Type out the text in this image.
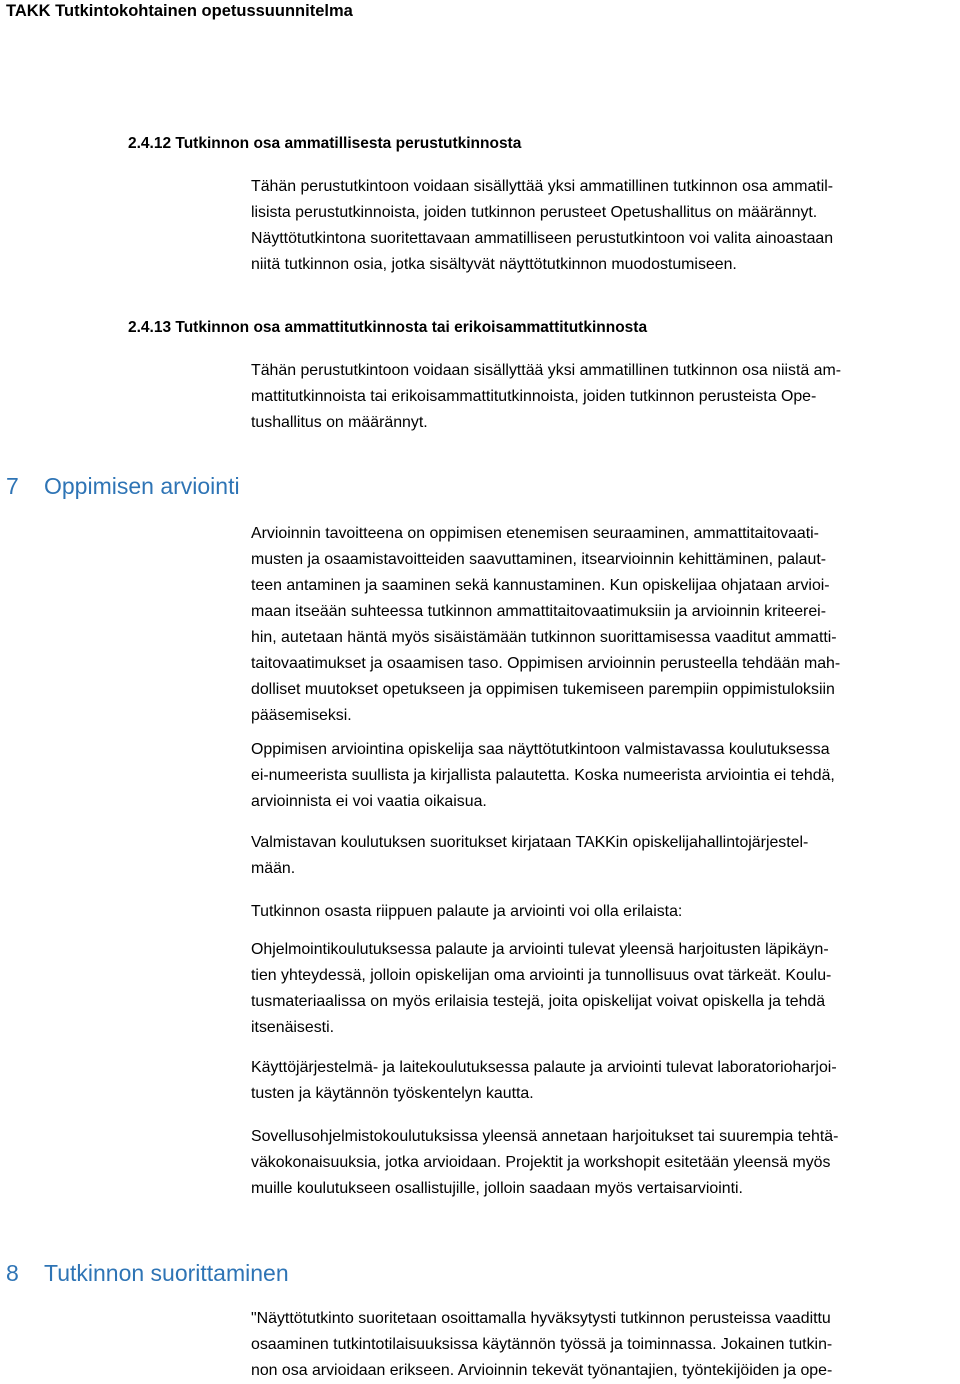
TAKK Tutkintokohtainen opetussuunnitelma
2.4.12 Tutkinnon osa ammatillisesta perustutkinnosta
Tähän perustutkintoon voidaan sisällyttää yksi ammatillinen tutkinnon osa ammatil-
lisista perustutkinnoista, joiden tutkinnon perusteet Opetushallitus on määrännyt.
Näyttötutkintona suoritettavaan ammatilliseen perustutkintoon voi valita ainoastaan
niitä tutkinnon osia, jotka sisältyvät näyttötutkinnon muodostumiseen.
2.4.13 Tutkinnon osa ammattitutkinnosta tai erikoisammattitutkinnosta
Tähän perustutkintoon voidaan sisällyttää yksi ammatillinen tutkinnon osa niistä am-
mattitutkinnoista tai erikoisammattitutkinnoista, joiden tutkinnon perusteista Ope-
tushallitus on määrännyt.
7 Oppimisen arviointi
Arvioinnin tavoitteena on oppimisen etenemisen seuraaminen, ammattitaitovaati-
musten ja osaamistavoitteiden saavuttaminen, itsearvioinnin kehittäminen, palaut-
teen antaminen ja saaminen sekä kannustaminen. Kun opiskelijaa ohjataan arvioi-
maan itseään suhteessa tutkinnon ammattitaitovaatimuksiin ja arvioinnin kriteerei-
hin, autetaan häntä myös sisäistämään tutkinnon suorittamisessa vaaditut ammatti-
taitovaatimukset ja osaamisen taso. Oppimisen arvioinnin perusteella tehdään mah-
dolliset muutokset opetukseen ja oppimisen tukemiseen parempiin oppimistuloksiin
pääsemiseksi.
Oppimisen arviointina opiskelija saa näyttötutkintoon valmistavassa koulutuksessa
ei-numeerista suullista ja kirjallista palautetta. Koska numeerista arviointia ei tehdä,
arvioinnista ei voi vaatia oikaisua.
Valmistavan koulutuksen suoritukset kirjataan TAKKin opiskelijahallintojärjestel-
mään.
Tutkinnon osasta riippuen palaute ja arviointi voi olla erilaista:
Ohjelmointikoulutuksessa palaute ja arviointi tulevat yleensä harjoitusten läpikäyn-
tien yhteydessä, jolloin opiskelijan oma arviointi ja tunnollisuus ovat tärkeät. Koulu-
tusmateriaalissa on myös erilaisia testejä, joita opiskelijat voivat opiskella ja tehdä
itsenäisesti.
Käyttöjärjestelmä- ja laitekoulutuksessa palaute ja arviointi tulevat laboratorioharjoi-
tusten ja käytännön työskentelyn kautta.
Sovellusohjelmistokoulutuksissa yleensä annetaan harjoitukset tai suurempia tehtä-
väkokonaisuuksia, jotka arvioidaan. Projektit ja workshopit esitetään yleensä myös
muille koulutukseen osallistujille, jolloin saadaan myös vertaisarviointi.
8 Tutkinnon suorittaminen
"Näyttötutkinto suoritetaan osoittamalla hyväksytysti tutkinnon perusteissa vaadittu
osaaminen tutkintotilaisuuksissa käytännön työssä ja toiminnassa. Jokainen tutkin-
non osa arvioidaan erikseen. Arvioinnin tekevät työnantajien, työntekijöiden ja ope-
